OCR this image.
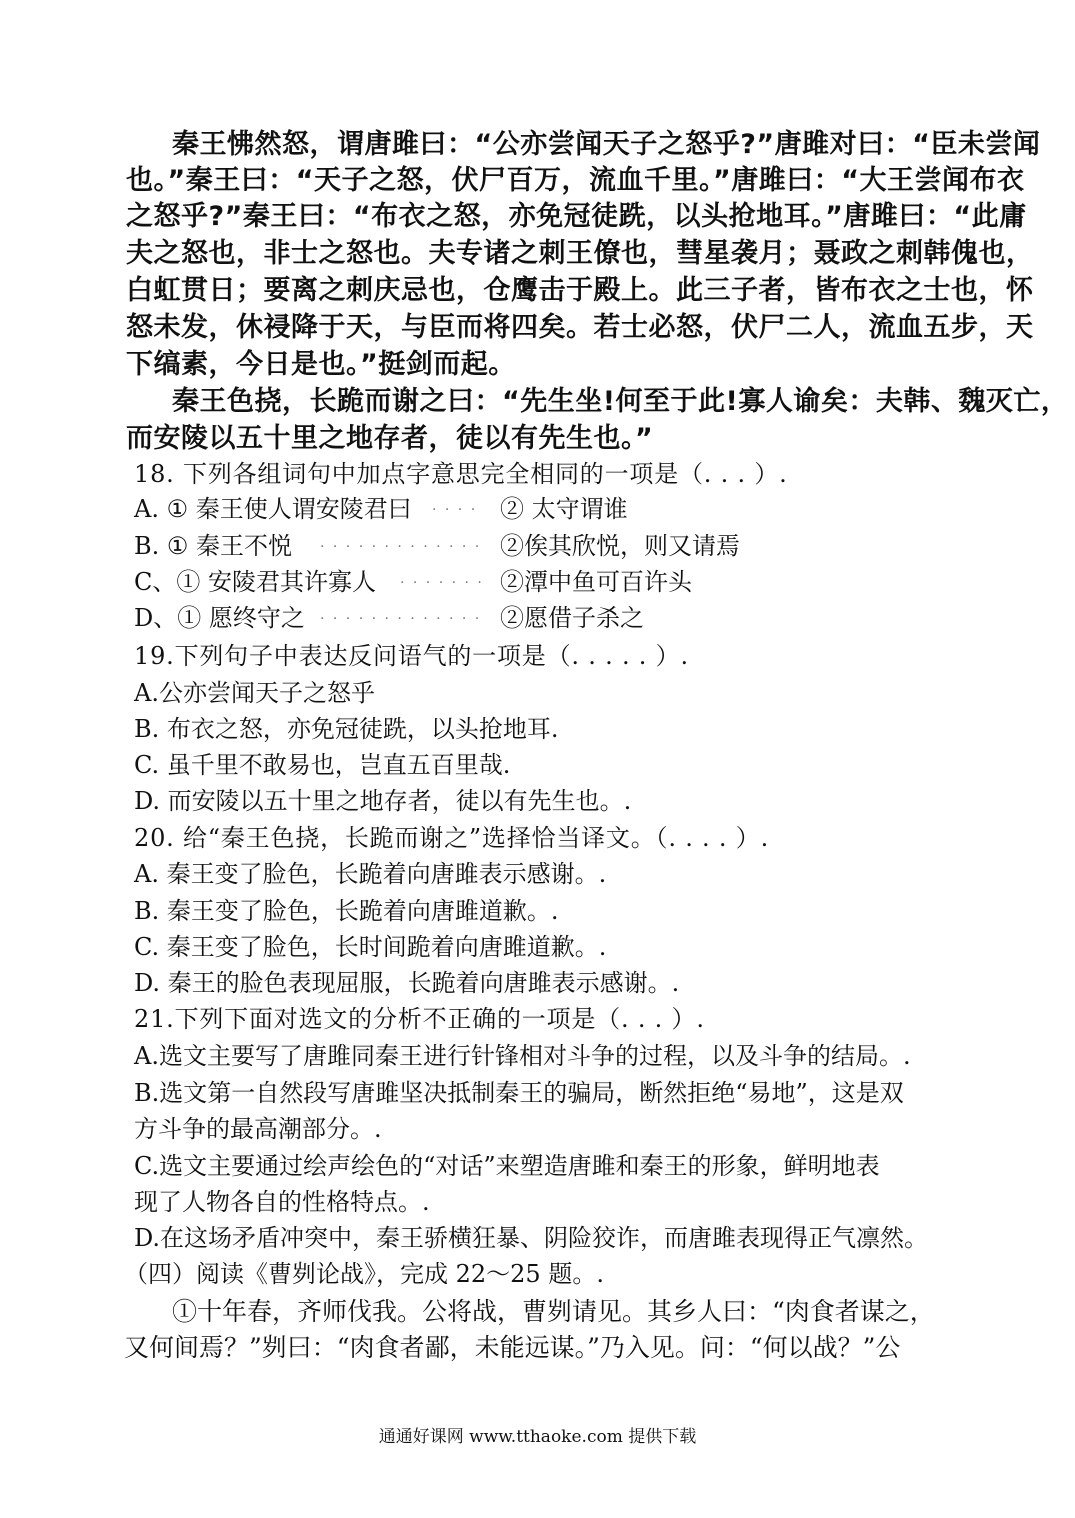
秦王怫然怒，谓唐雎曰：“公亦尝闻天子之怒乎?”唐雎对曰：“臣未尝闻
也。”秦王曰：“天子之怒，伏尸百万，流血千里。”唐雎曰：“大王尝闻布衣
之怒乎?”秦王曰：“布衣之怒，亦免冠徒跣，以头抢地耳。”唐雎曰：“此庸
夫之怒也，非士之怒也。夫专诸之刺王僚也，彗星袭月；聂政之刺韩傀也，
白虹贯日；要离之刺庆忌也，仓鹰击于殿上。此三子者，皆布衣之士也，怀
怒未发，休祲降于天，与臣而将四矣。若士必怒，伏尸二人，流血五步，天
下缟素，今日是也。”挺剑而起。
秦王色挠，长跪而谢之曰：“先生坐!何至于此!寡人谕矣：夫韩、魏灭亡，
而安陵以五十里之地存者，徒以有先生也。”
18. 下列各组词句中加点字意思完全相同的一项是（. . . ）.
A. ① 秦王使人谓安陵君曰 . . . . ② 太守谓谁
B. ① 秦王不悦 . . . . . . . . . . . . . ②俟其欣悦，则又请焉
C、① 安陵君其许寡人 . . . . . . . ②潭中鱼可百许头
D、① 愿终守之 . . . . . . . . . . . . . ②愿借子杀之
19.下列句子中表达反问语气的一项是（. . . . . ）.
A.公亦尝闻天子之怒乎
B. 布衣之怒，亦免冠徒跣，以头抢地耳.
C. 虽千里不敢易也，岂直五百里哉.
D. 而安陵以五十里之地存者，徒以有先生也。.
20. 给“秦王色挠，长跪而谢之”选择恰当译文。（. . . . ）.
A. 秦王变了脸色，长跪着向唐雎表示感谢。.
B. 秦王变了脸色，长跪着向唐雎道歉。.
C. 秦王变了脸色，长时间跪着向唐雎道歉。.
D. 秦王的脸色表现屈服，长跪着向唐雎表示感谢。.
21.下列下面对选文的分析不正确的一项是（. . . ）.
A.选文主要写了唐雎同秦王进行针锋相对斗争的过程，以及斗争的结局。.
B.选文第一自然段写唐雎坚决抵制秦王的骗局，断然拒绝“易地”，这是双
方斗争的最高潮部分。.
C.选文主要通过绘声绘色的“对话”来塑造唐雎和秦王的形象，鲜明地表
现了人物各自的性格特点。.
D.在这场矛盾冲突中，秦王骄横狂暴、阴险狡诈，而唐雎表现得正气凛然。
（四）阅读《曹刿论战》，完成 22～25 题。.
①十年春，齐师伐我。公将战，曹刿请见。其乡人曰：“肉食者谋之，
又何间焉？”刿曰：“肉食者鄙，未能远谋。”乃入见。问：“何以战？”公
通通好课网 www.tthaoke.com 提供下载
